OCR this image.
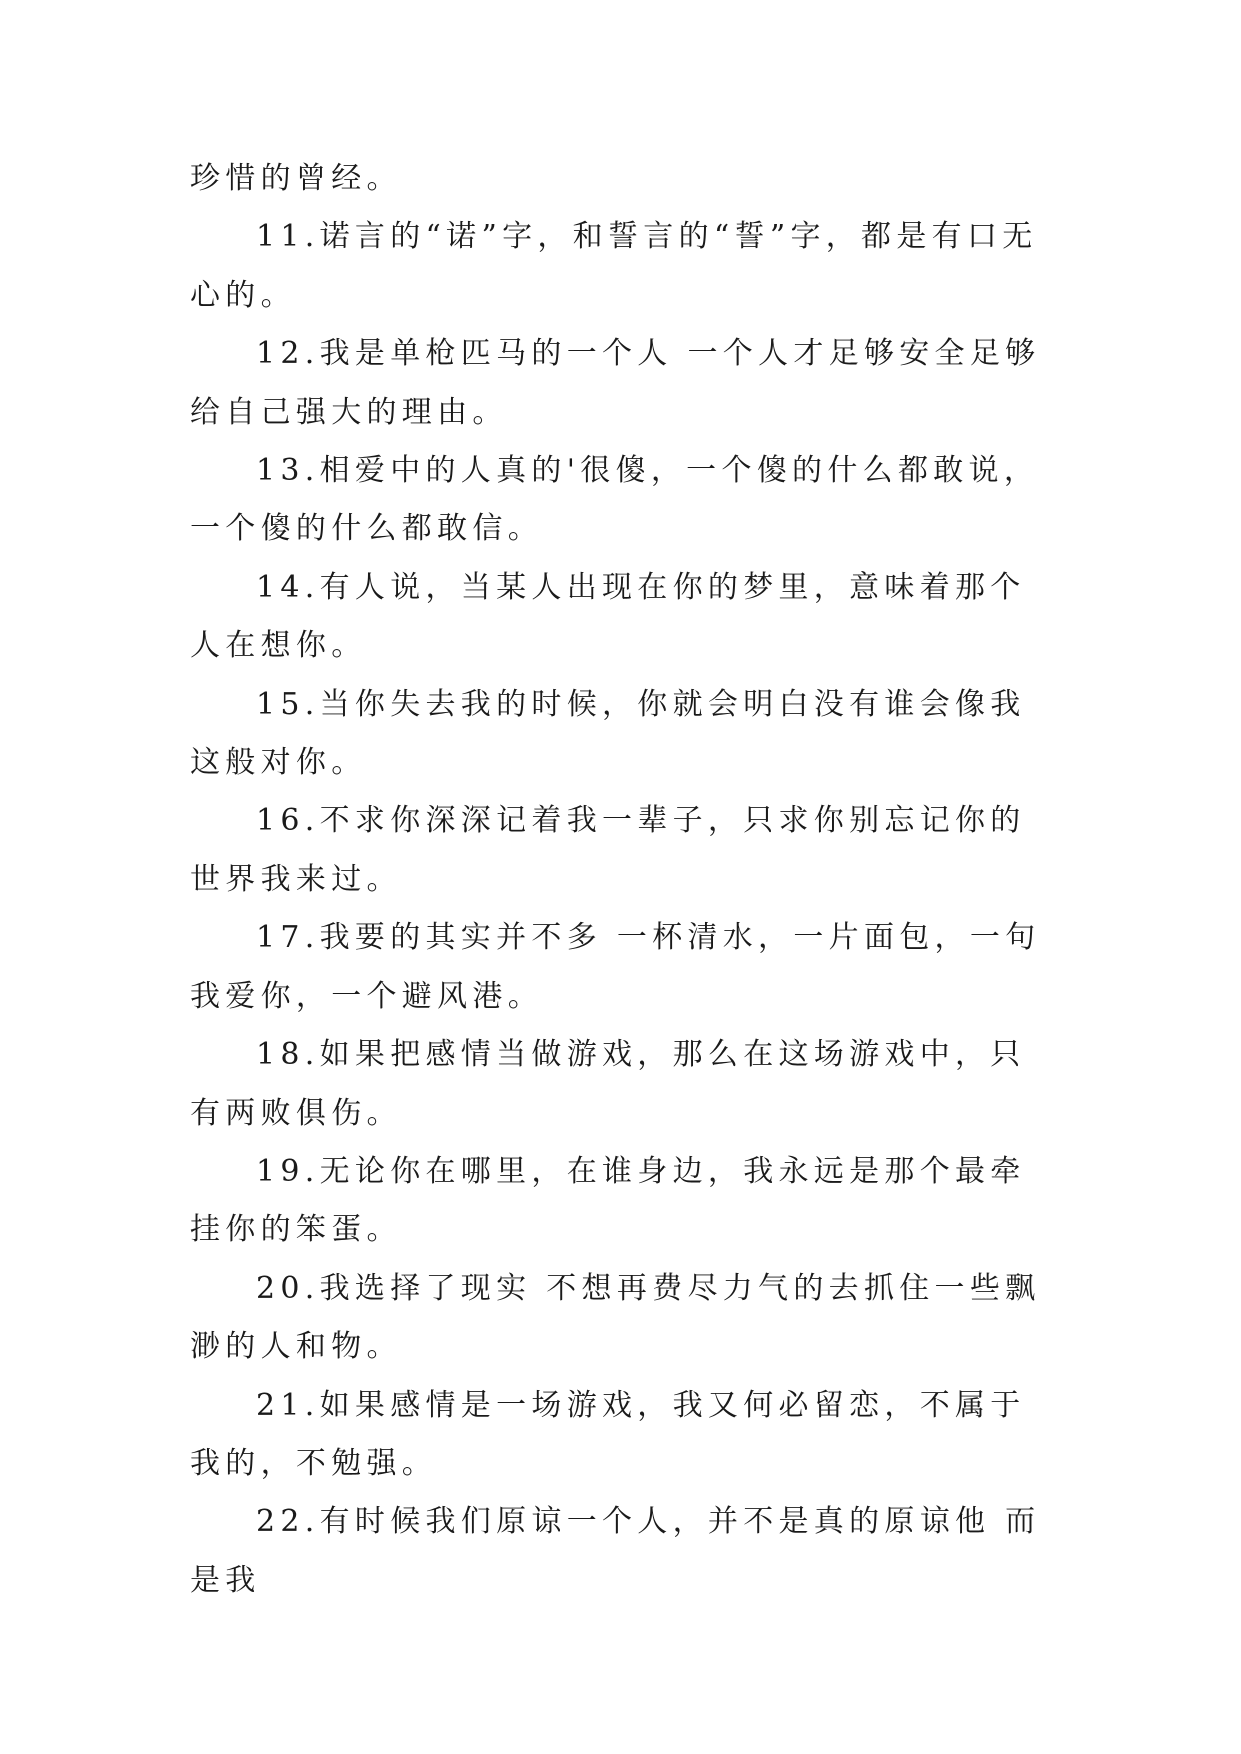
珍惜的曾经。

11.诺言的“诺”字，和誓言的“誓”字，都是有口无心的。

12.我是单枪匹马的一个人 一个人才足够安全足够给自己强大的理由。

13.相爱中的人真的'很傻，一个傻的什么都敢说，一个傻的什么都敢信。

14.有人说，当某人出现在你的梦里，意味着那个人在想你。

15.当你失去我的时候，你就会明白没有谁会像我这般对你。

16.不求你深深记着我一辈子，只求你别忘记你的世界我来过。

17.我要的其实并不多 一杯清水，一片面包，一句我爱你，一个避风港。

18.如果把感情当做游戏，那么在这场游戏中，只有两败俱伤。

19.无论你在哪里，在谁身边，我永远是那个最牵挂你的笨蛋。

20.我选择了现实 不想再费尽力气的去抓住一些飘渺的人和物。

21.如果感情是一场游戏，我又何必留恋，不属于我的，不勉强。

22.有时候我们原谅一个人，并不是真的原谅他 而是我
